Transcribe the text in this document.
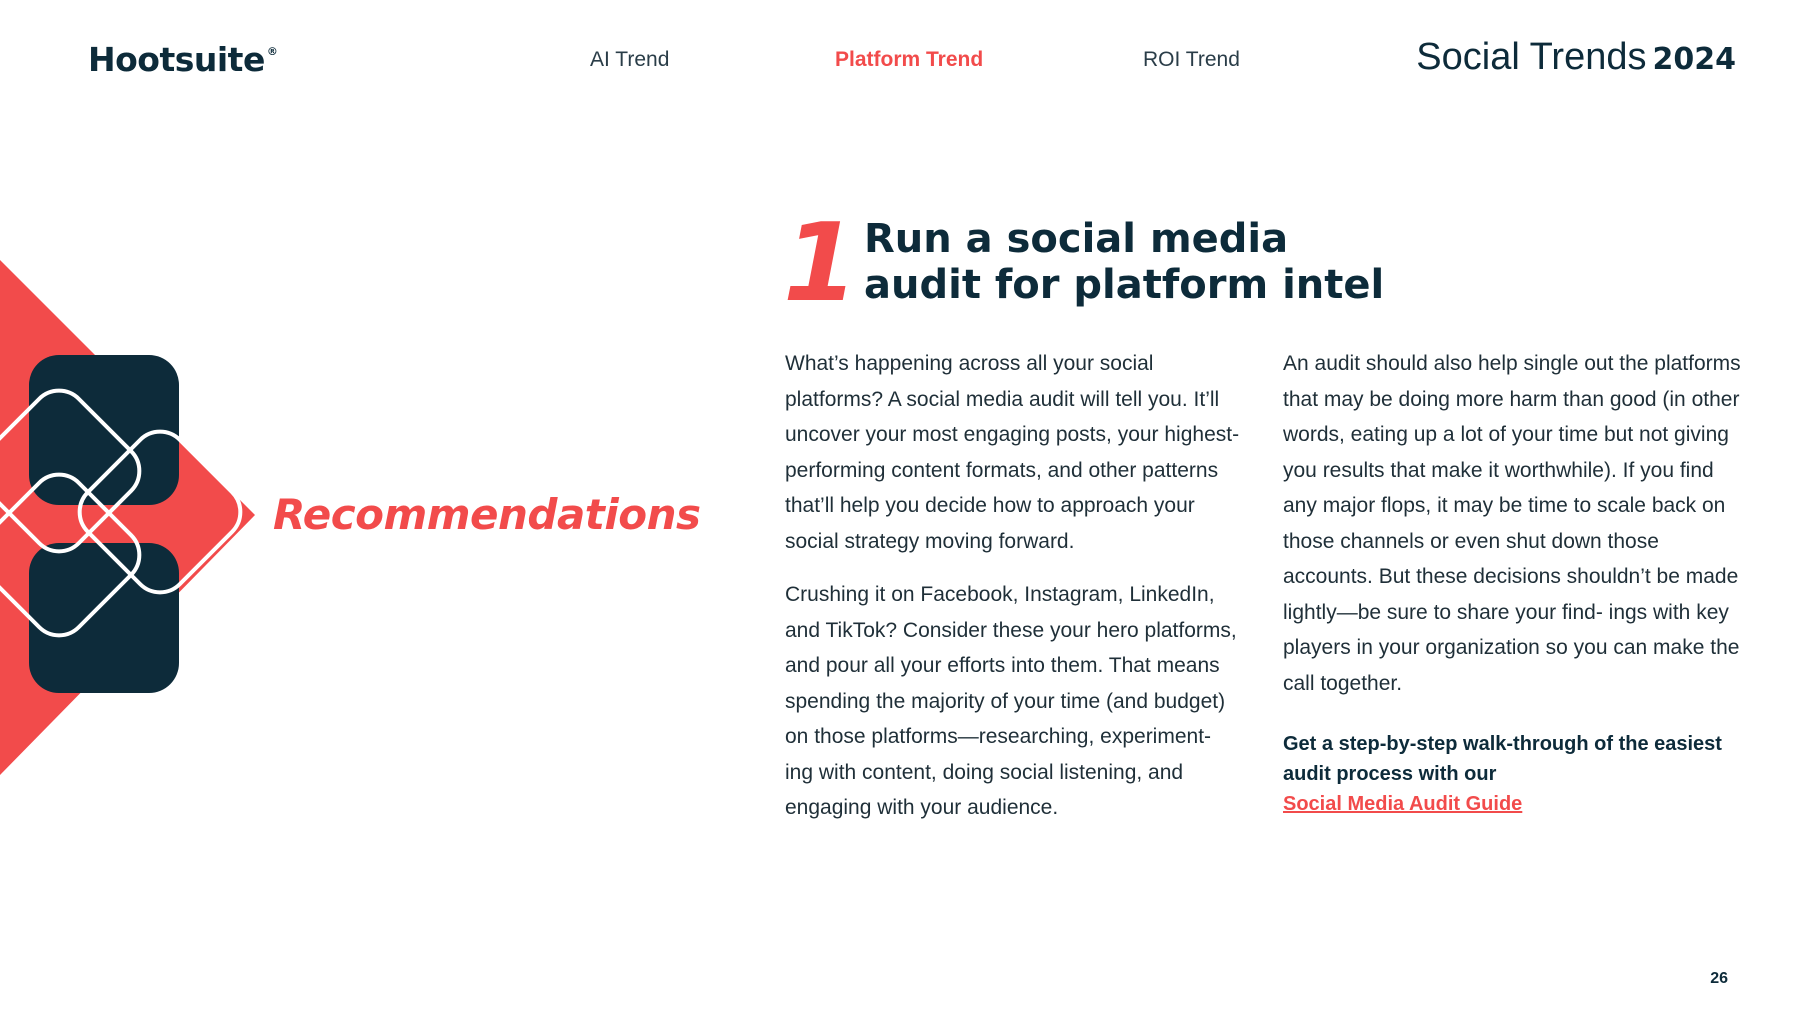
Hootsuite ®	AI Trend	Platform Trend	ROI Trend	Social Trends 2024
Recommendations
1 Run a social media
audit for platform intel

What’s happening across all your social platforms? A social media audit will tell you. It’ll uncover your most engaging posts, your highest-performing content formats, and other patterns that’ll help you decide how to approach your social strategy moving forward.

Crushing it on Facebook, Instagram, LinkedIn, and TikTok? Consider these your hero platforms, and pour all your efforts into them. That means spending the majority of your time (and budget) on those platforms—researching, experiment- ing with content, doing social listening, and engaging with your audience.

An audit should also help single out the platforms that may be doing more harm than good (in other words, eating up a lot of your time but not giving you results that make it worthwhile). If you find any major flops, it may be time to scale back on those channels or even shut down those accounts. But these decisions shouldn’t be made lightly—be sure to share your find- ings with key players in your organization so you can make the call together.

Get a step-by-step walk-through of the easiest audit process with our
Social Media Audit Guide
26
